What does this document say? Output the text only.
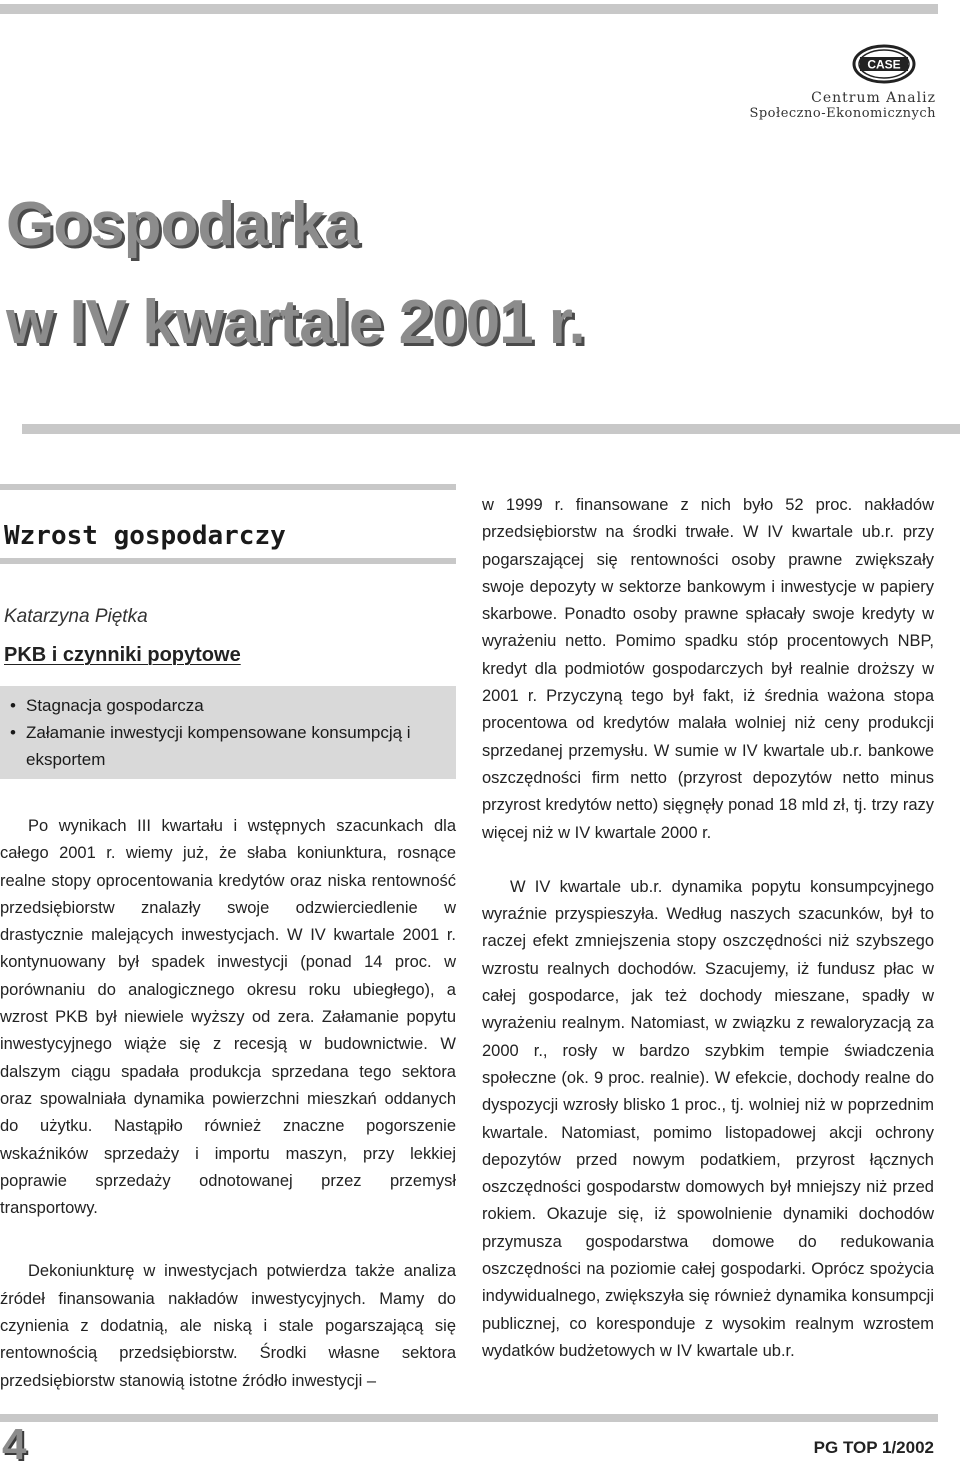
CASE
Centrum Analiz
Społeczno-Ekonomicznych
Gospodarka
w IV kwartale 2001 r.
Wzrost gospodarczy
Katarzyna Piętka
PKB i czynniki popytowe
• Stagnacja gospodarcza
• Załamanie inwestycji kompensowane konsumpcją i eksportem

Po wynikach III kwartału i wstępnych szacunkach dla całego 2001 r. wiemy już, że słaba koniunktura, rosnące realne stopy oprocentowania kredytów oraz niska rentowność przedsiębiorstw znalazły swoje odzwierciedlenie w drastycznie malejących inwestycjach. W IV kwartale 2001 r. kontynuowany był spadek inwestycji (ponad 14 proc. w porównaniu do analogicznego okresu roku ubiegłego), a wzrost PKB był niewiele wyższy od zera. Załamanie popytu inwestycyjnego wiąże się z recesją w budownictwie. W dalszym ciągu spadała produkcja sprzedana tego sektora oraz spowalniała dynamika powierzchni mieszkań oddanych do użytku. Nastąpiło również znaczne pogorszenie wskaźników sprzedaży i importu maszyn, przy lekkiej poprawie sprzedaży odnotowanej przez przemysł transportowy.

Dekoniunkturę w inwestycjach potwierdza także analiza źródeł finansowania nakładów inwestycyjnych. Mamy do czynienia z dodatnią, ale niską i stale pogarszającą się rentownością przedsiębiorstw. Środki własne sektora przedsiębiorstw stanowią istotne źródło inwestycji –

w 1999 r. finansowane z nich było 52 proc. nakładów przedsiębiorstw na środki trwałe. W IV kwartale ub.r. przy pogarszającej się rentowności osoby prawne zwiększały swoje depozyty w sektorze bankowym i inwestycje w papiery skarbowe. Ponadto osoby prawne spłacały swoje kredyty w wyrażeniu netto. Pomimo spadku stóp procentowych NBP, kredyt dla podmiotów gospodarczych był realnie droższy w 2001 r. Przyczyną tego był fakt, iż średnia ważona stopa procentowa od kredytów malała wolniej niż ceny produkcji sprzedanej przemysłu. W sumie w IV kwartale ub.r. bankowe oszczędności firm netto (przyrost depozytów netto minus przyrost kredytów netto) sięgnęły ponad 18 mld zł, tj. trzy razy więcej niż w IV kwartale 2000 r.

W IV kwartale ub.r. dynamika popytu konsumpcyjnego wyraźnie przyspieszyła. Według naszych szacunków, był to raczej efekt zmniejszenia stopy oszczędności niż szybszego wzrostu realnych dochodów. Szacujemy, iż fundusz płac w całej gospodarce, jak też dochody mieszane, spadły w wyrażeniu realnym. Natomiast, w związku z rewaloryzacją za 2000 r., rosły w bardzo szybkim tempie świadczenia społeczne (ok. 9 proc. realnie). W efekcie, dochody realne do dyspozycji wzrosły blisko 1 proc., tj. wolniej niż w poprzednim kwartale. Natomiast, pomimo listopadowej akcji ochrony depozytów przed nowym podatkiem, przyrost łącznych oszczędności gospodarstw domowych był mniejszy niż przed rokiem. Okazuje się, iż spowolnienie dynamiki dochodów przymusza gospodarstwa domowe do redukowania oszczędności na poziomie całej gospodarki. Oprócz spożycia indywidualnego, zwiększyła się również dynamika konsumpcji publicznej, co koresponduje z wysokim realnym wzrostem wydatków budżetowych w IV kwartale ub.r.

4	PG TOP 1/2002
